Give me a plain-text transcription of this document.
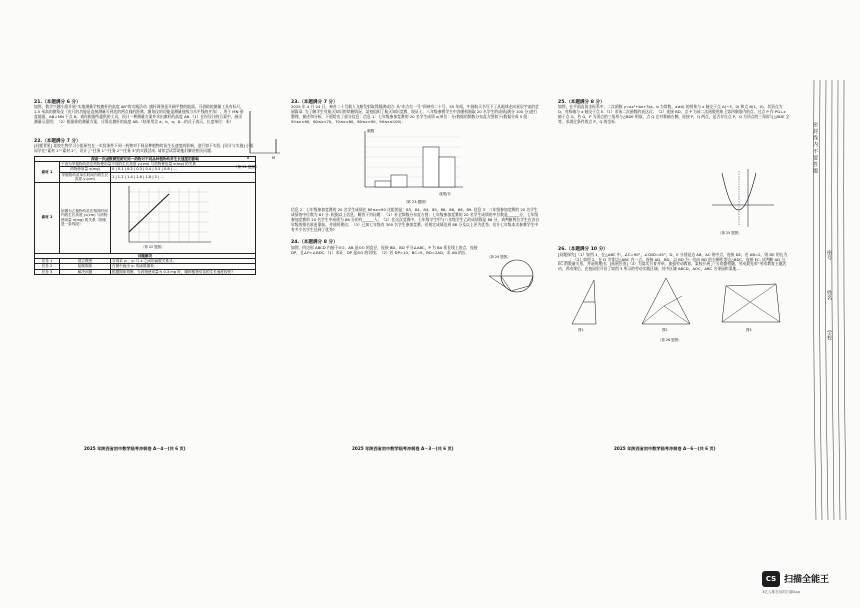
21.（本题满分 6 分）

如图，数学兴趣小组开展“实地测量学校旗杆的高度 AB”的实践活动. 旗杆周围是开阔平整的地面，可借助的测量工具有标尺，1.5 米高的测角仪（皮尺的功能是直接测量可到达的两点间的距离，测角仪的功能是测量视线与水平线的夹角），用于 MN 垂直地面，AB⊥MN 于点 B，请你根据所提供的工具，设计一种测量方案并求出旗杆的高度 AB.（1）在你设计的方案中，画出测量示意图；（2）根据你的测量方案，计算出旗杆的高度 AB.（结果用含 a，b，α，β…的式子表示，长度单位：米）

B	M
（第 21 题图）
22.（本题满分 7 分）

[问题背景] 某校生物学习小组研究在一实验条件下同一药物对不同品种植物幼苗生长速度的影响，进行如下实验. [设计与实施] 小组同学在“素材 1”“素材 2”，设计了“任务 1”“任务 2”“任务 3”的实践活动. 请你尝试帮助他们解决相关问题.

探索一次函数模型研究同一药物对不同品种植物幼苗生长速度的影响		
素材 1	下表为甲植物幼苗在药物使用量不同的生长高度 y₁(cm) 与药物使用量 x(mg) 的关系	
	药物使用量 x(mg)	0 | 0.1 | 0.2 | 0.3 | 0.4 | 0.5 | 0.6 | …
	甲植物幼苗单位时间内的生长高度 y₁(cm)	1 | 1.2 | 1.4 | 1.6 | 1.8 | 2 | …
素材 2	如图为乙植物幼苗在相同时间内的生长高度 y₂(cm) 与药物使用量 x(mg) 的关系（图象是一条线段）	（第 22 题图）

问题解决		
任务 1	建立模型	分别求 y₁，y₂ 与 x 之间的函数关系式；
任务 2	绘制图象	在图中画出 y₁ 的函数图象；
任务 3	解决问题	根据图象判断，当药物使用量为 0.3 mg 时，哪种植物幼苗的生长速度较快?
2025 年陕西省初中数学临考冲刺卷 A－4－(共 6 页)
23.（本题满分 7 分）

2025 年 4 月 24 日，神舟二十号载人飞船发射取得圆满成功. 从“东方红一号”到神舟二十号，55 年间，中国航天书写下了从地球走向星辰宇宙的壮丽篇章. 为了解学生对航天知识的掌握情况，某校组织了航天知识竞赛，现从七、八年级参赛学生中各随机抽取 20 名学生的成绩(满分 100 分)进行整理、描述和分析，下面给出了部分信息：信息 1：七年级参加竞赛的 20 名学生成绩 x(单位：分)数据的频数分布直方图如下(数据分成 5 组：50≤x<60，60≤x<70，70≤x<80，80≤x<90，90≤x≤100)：

频数
成绩/分
（第 23 题图）

信息 2：七年级参加竞赛的 20 名学生成绩在 80≤x<90 这组的是：83，84，84，85，86，86，86，89. 信息 3：八年级参加竞赛的 20 名学生成绩的中位数为 87 分. 根据以上信息，解答下列问题：（1）补全频数分布直方图；七年级参加竞赛的 20 名学生成绩的中位数是______分，七年级参加竞赛的 20 名学生中成绩为 86 分的有______人；（2）在这次竞赛中，七年级学生甲与八年级学生乙的成绩都是 86 分，请判断两位学生在各自年级的排名谁更靠前，并说明理由；（3）已知七年级有 300 名学生参加竞赛，若规定成绩达到 88 分及以上评为优秀，估计七年级本次参赛学生中有多少名学生达到了优秀?

24.（本题满分 8 分）

如图，四边形 ABCD 内接于⊙O，AB 是⊙O 的直径，连接 BD，BD 平分∠ABC，P 为 BA 延长线上的点，连接 DP，且∠P=∠BDC.（1）求证：DP 是⊙O 的切线；（2）若 DP=10，BC=9，BD=2AD，求 AB 的长.

（第 24 题图）
2025 年陕西省初中数学临考冲刺卷 A－3－(共 6 页)
25.（本题满分 8 分）

如图，在平面直角坐标系中，二次函数 y=ax²+bx+3(a，b 为常数，a≠0) 的图象与 x 轴交于点 A(−3，0) 和点 B(1，0)，其顶点为 D，对称轴与 x 轴交于点 E.（1）求该二次函数的表达式；（2）连接 BD，点 P 为该二次函数图象上第四象限内的点，过点 P 作 PG⊥x 轴于点 G，若 G，P 为顶点的三角形与△BDE 相似，点 Q 在对称轴右侧，连接 P，Q 两点，是否存在点 P，Q 为顶点的三角形与△BDE 全等，求满足条件的点 P，Q 的坐标.

（第 25 题图）
26.（本题满分 10 分）

[问题探究]（1）如图 1，在△ABC 中，∠C=90°，∠CBD=45°，D，E 分别是边 AB，AC 的中点，连接 DE，若 AB=2，则 DE 的长为______；（2）如图 2，在 D 为等边△ABC 内一点，连接 AD，BD，以 BD 为一边向 BD 的右侧作等边△BDC，连接 EC. 试判断 AD 与 EC 的数量关系，并说明理由；[拓展应用]（3）为落实五育并举，加强劳动教育，某校开展了“五育勤相融，劳动最光荣”劳动教育主题活动，养动课后，在校园里开设了如图 3 所示的劳动实践区域，其中区域 ABCD，AOC，ABC 为果园和菜地…

图1	图2	图3
（第 26 题图）
2025 年陕西省初中数学临考冲刺卷 A－6－(共 6 页)
密 封 线 内 不 要 答 题
座号
姓名
学校
CS 扫描全能王
3亿人都在用的扫描App
